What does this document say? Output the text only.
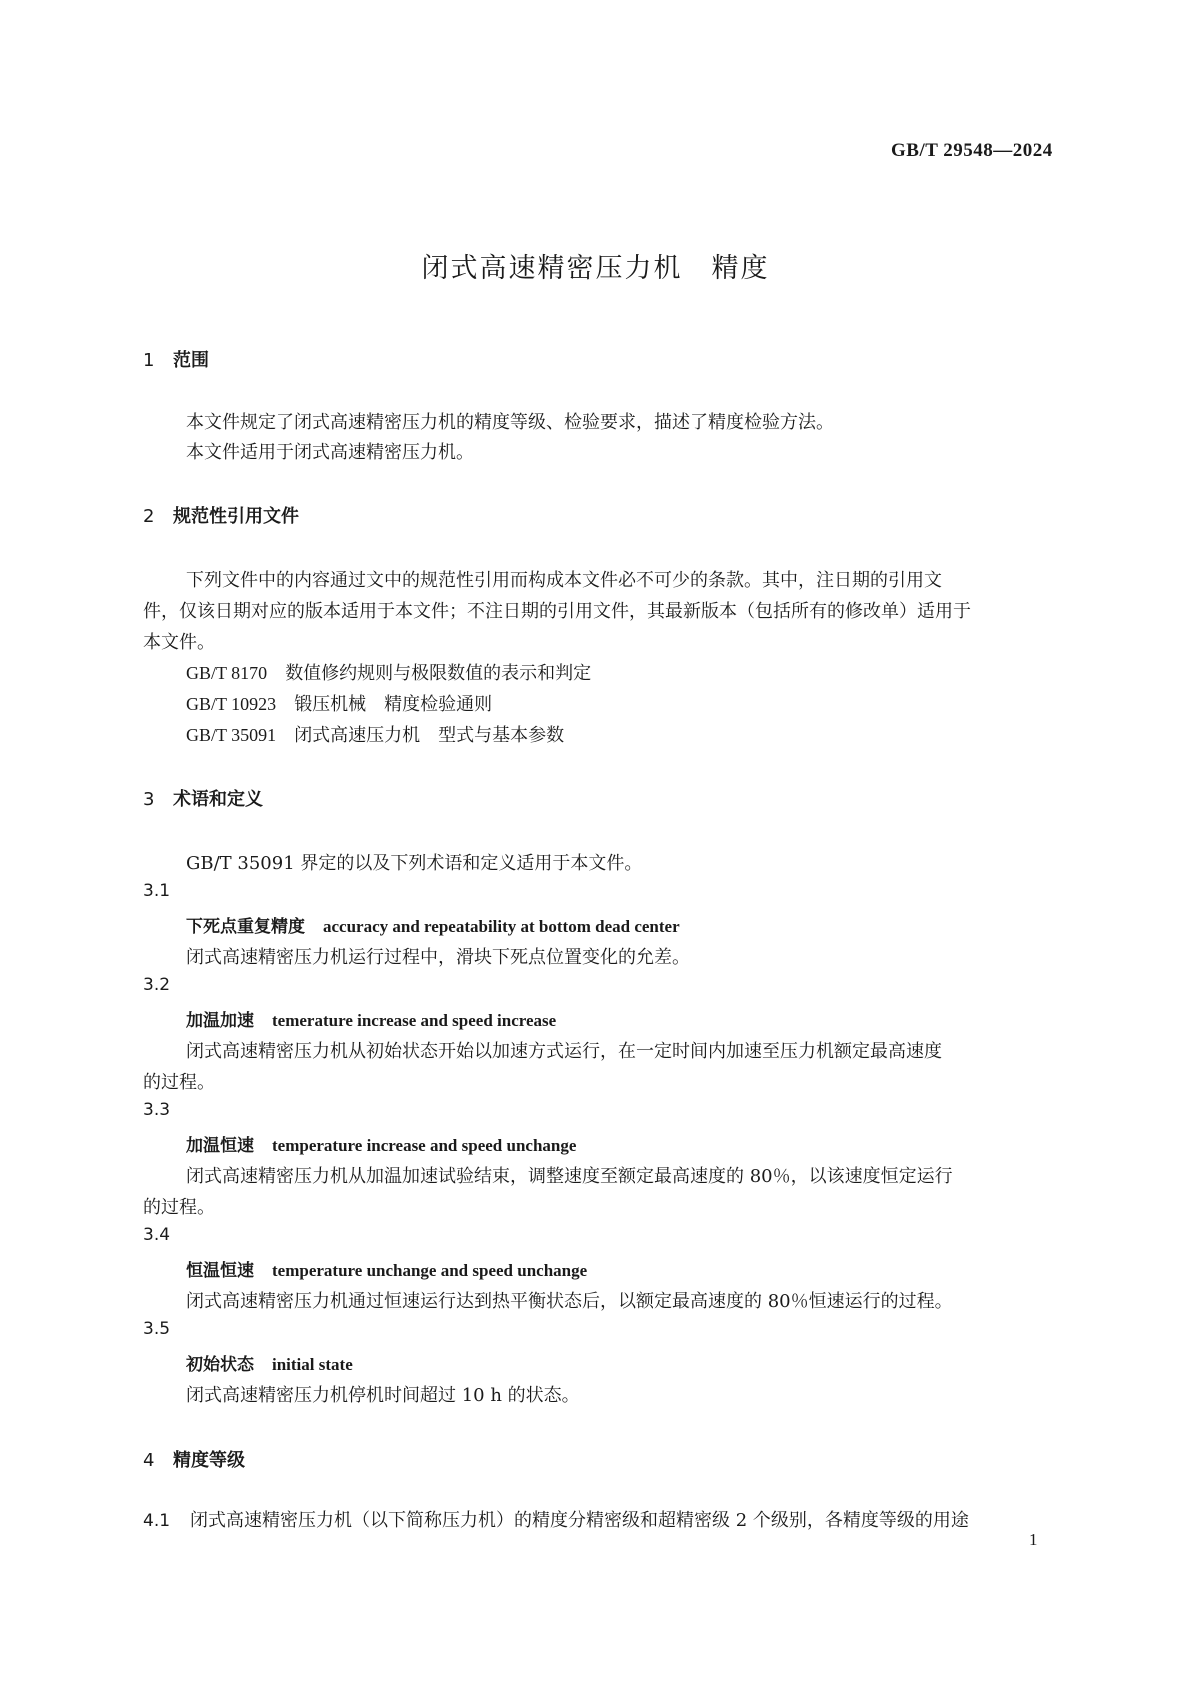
GB/T 29548—2024
闭式高速精密压力机　精度
1 范围
本文件规定了闭式高速精密压力机的精度等级、检验要求，描述了精度检验方法。
本文件适用于闭式高速精密压力机。
2 规范性引用文件
下列文件中的内容通过文中的规范性引用而构成本文件必不可少的条款。其中，注日期的引用文
件，仅该日期对应的版本适用于本文件；不注日期的引用文件，其最新版本（包括所有的修改单）适用于
本文件。
GB/T 8170 数值修约规则与极限数值的表示和判定
GB/T 10923 锻压机械　精度检验通则
GB/T 35091 闭式高速压力机　型式与基本参数
3 术语和定义
GB/T 35091 界定的以及下列术语和定义适用于本文件。
3.1
下死点重复精度 accuracy and repeatability at bottom dead center
闭式高速精密压力机运行过程中，滑块下死点位置变化的允差。
3.2
加温加速 temerature increase and speed increase
闭式高速精密压力机从初始状态开始以加速方式运行，在一定时间内加速至压力机额定最高速度
的过程。
3.3
加温恒速 temperature increase and speed unchange
闭式高速精密压力机从加温加速试验结束，调整速度至额定最高速度的 80％，以该速度恒定运行
的过程。
3.4
恒温恒速 temperature unchange and speed unchange
闭式高速精密压力机通过恒速运行达到热平衡状态后，以额定最高速度的 80％恒速运行的过程。
3.5
初始状态 initial state
闭式高速精密压力机停机时间超过 10 h 的状态。
4 精度等级
4.1 闭式高速精密压力机（以下简称压力机）的精度分精密级和超精密级 2 个级别，各精度等级的用途
1
